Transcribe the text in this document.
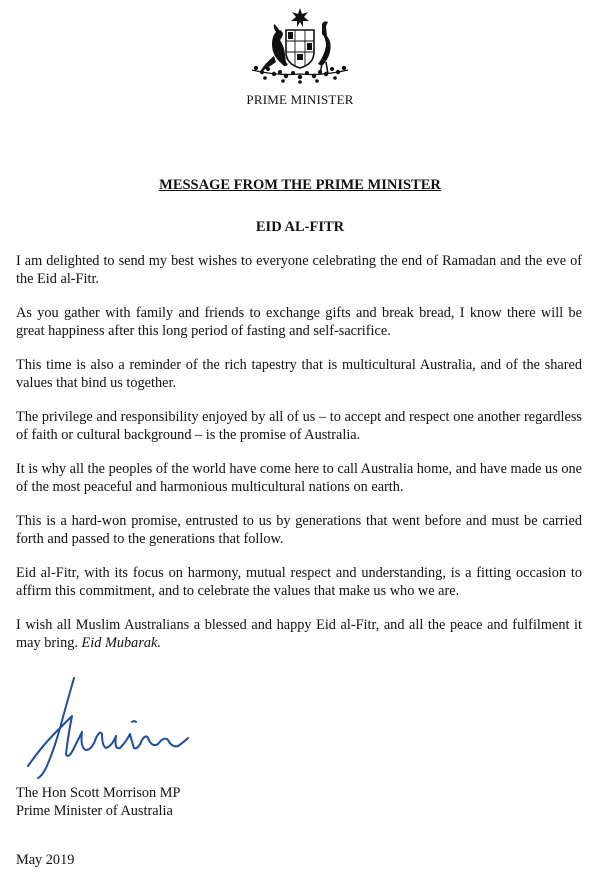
PRIME MINISTER
MESSAGE FROM THE PRIME MINISTER
EID AL-FITR

I am delighted to send my best wishes to everyone celebrating the end of Ramadan and the eve of the Eid al-Fitr.

As you gather with family and friends to exchange gifts and break bread, I know there will be great happiness after this long period of fasting and self-sacrifice.

This time is also a reminder of the rich tapestry that is multicultural Australia, and of the shared values that bind us together.

The privilege and responsibility enjoyed by all of us – to accept and respect one another regardless of faith or cultural background – is the promise of Australia.

It is why all the peoples of the world have come here to call Australia home, and have made us one of the most peaceful and harmonious multicultural nations on earth.

This is a hard-won promise, entrusted to us by generations that went before and must be carried forth and passed to the generations that follow.

Eid al-Fitr, with its focus on harmony, mutual respect and understanding, is a fitting occasion to affirm this commitment, and to celebrate the values that make us who we are.

I wish all Muslim Australians a blessed and happy Eid al-Fitr, and all the peace and fulfilment it may bring. Eid Mubarak.

The Hon Scott Morrison MP
Prime Minister of Australia
May 2019
